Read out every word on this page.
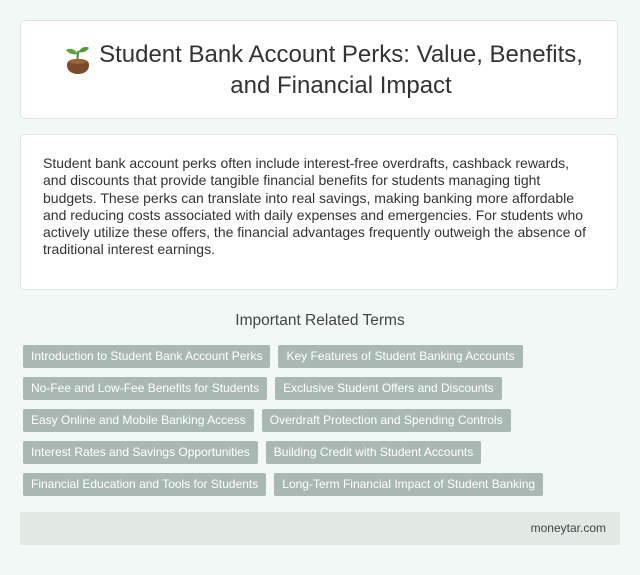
Student Bank Account Perks: Value, Benefits, and Financial Impact

Student bank account perks often include interest-free overdrafts, cashback rewards, and discounts that provide tangible financial benefits for students managing tight budgets. These perks can translate into real savings, making banking more affordable and reducing costs associated with daily expenses and emergencies. For students who actively utilize these offers, the financial advantages frequently outweigh the absence of traditional interest earnings.

Important Related Terms
Introduction to Student Bank Account Perks	Key Features of Student Banking Accounts
No-Fee and Low-Fee Benefits for Students	Exclusive Student Offers and Discounts
Easy Online and Mobile Banking Access	Overdraft Protection and Spending Controls
Interest Rates and Savings Opportunities	Building Credit with Student Accounts
Financial Education and Tools for Students	Long-Term Financial Impact of Student Banking
moneytar.com
